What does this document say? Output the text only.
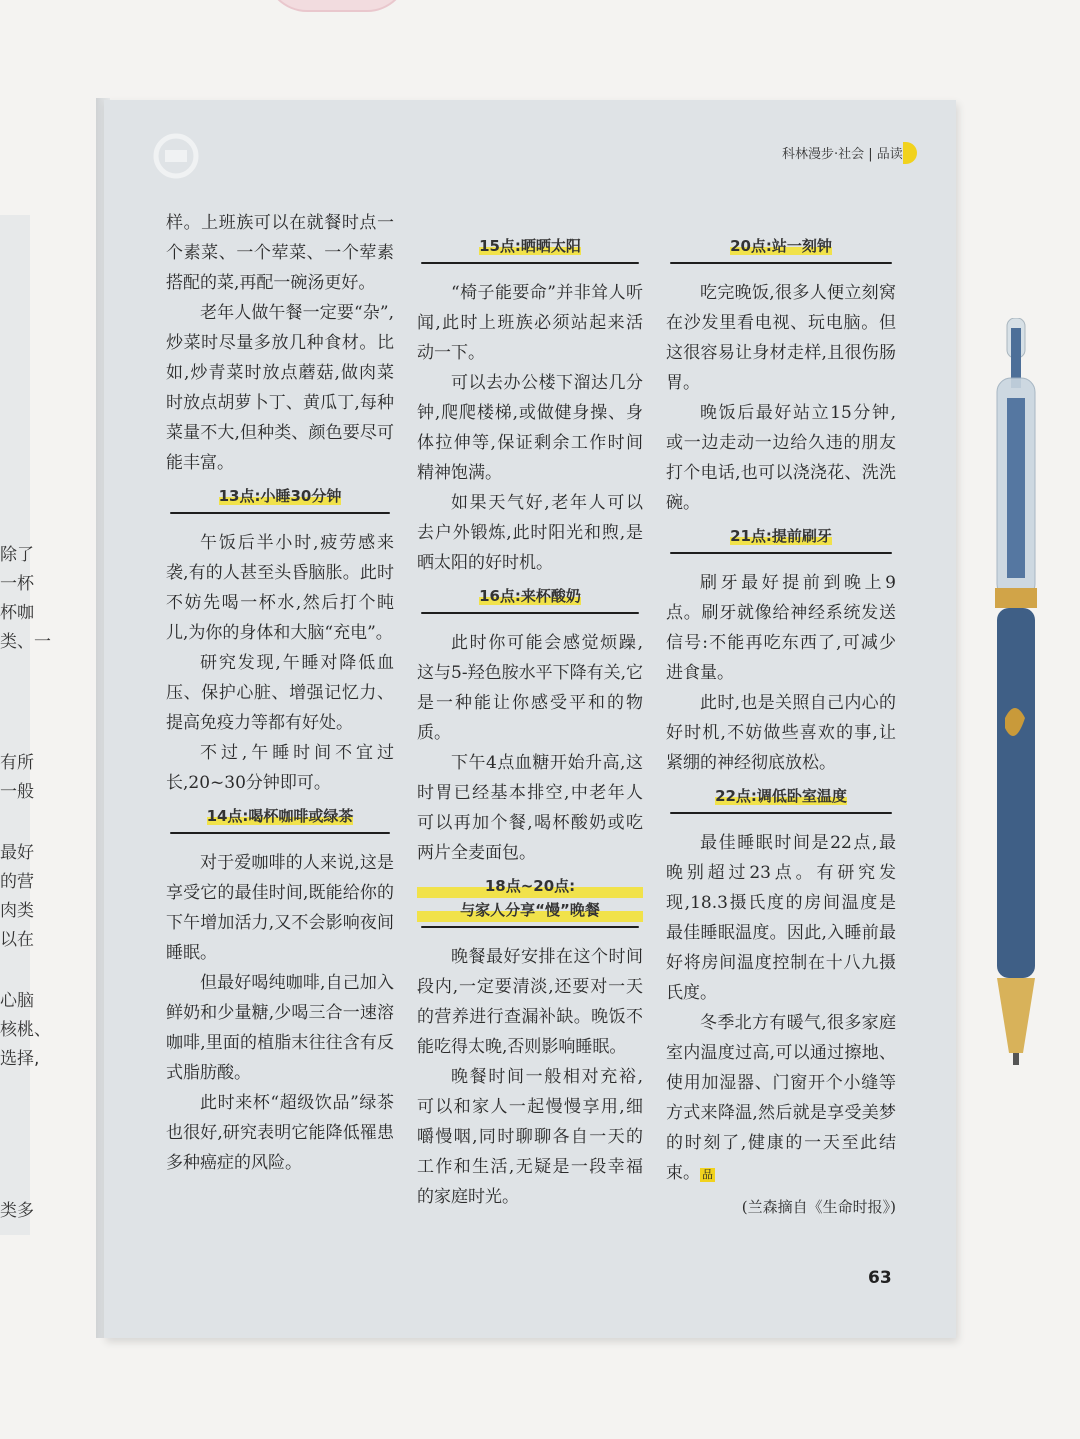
除了
一杯
杯咖
类、一
有所
一般
最好
的营
肉类
以在
心脑
核桃、
选择,
类多
科林漫步·社会 | 品读

样。上班族可以在就餐时点一个素菜、一个荤菜、一个荤素搭配的菜,再配一碗汤更好。

老年人做午餐一定要“杂”,炒菜时尽量多放几种食材。比如,炒青菜时放点蘑菇,做肉菜时放点胡萝卜丁、黄瓜丁,每种菜量不大,但种类、颜色要尽可能丰富。

13点:小睡30分钟

午饭后半小时,疲劳感来袭,有的人甚至头昏脑胀。此时不妨先喝一杯水,然后打个盹儿,为你的身体和大脑“充电”。

研究发现,午睡对降低血压、保护心脏、增强记忆力、提高免疫力等都有好处。

不过,午睡时间不宜过长,20~30分钟即可。

14点:喝杯咖啡或绿茶

对于爱咖啡的人来说,这是享受它的最佳时间,既能给你的下午增加活力,又不会影响夜间睡眠。

但最好喝纯咖啡,自己加入鲜奶和少量糖,少喝三合一速溶咖啡,里面的植脂末往往含有反式脂肪酸。

此时来杯“超级饮品”绿茶也很好,研究表明它能降低罹患多种癌症的风险。

15点:晒晒太阳

“椅子能要命”并非耸人听闻,此时上班族必须站起来活动一下。

可以去办公楼下溜达几分钟,爬爬楼梯,或做健身操、身体拉伸等,保证剩余工作时间精神饱满。

如果天气好,老年人可以去户外锻炼,此时阳光和煦,是晒太阳的好时机。

16点:来杯酸奶

此时你可能会感觉烦躁,这与5-羟色胺水平下降有关,它是一种能让你感受平和的物质。

下午4点血糖开始升高,这时胃已经基本排空,中老年人可以再加个餐,喝杯酸奶或吃两片全麦面包。

18点~20点:
与家人分享“慢”晚餐

晚餐最好安排在这个时间段内,一定要清淡,还要对一天的营养进行查漏补缺。晚饭不能吃得太晚,否则影响睡眠。

晚餐时间一般相对充裕,可以和家人一起慢慢享用,细嚼慢咽,同时聊聊各自一天的工作和生活,无疑是一段幸福的家庭时光。

20点:站一刻钟

吃完晚饭,很多人便立刻窝在沙发里看电视、玩电脑。但这很容易让身材走样,且很伤肠胃。

晚饭后最好站立15分钟,或一边走动一边给久违的朋友打个电话,也可以浇浇花、洗洗碗。

21点:提前刷牙

刷牙最好提前到晚上9点。刷牙就像给神经系统发送信号:不能再吃东西了,可减少进食量。

此时,也是关照自己内心的好时机,不妨做些喜欢的事,让紧绷的神经彻底放松。

22点:调低卧室温度

最佳睡眠时间是22点,最晚别超过23点。有研究发现,18.3摄氏度的房间温度是最佳睡眠温度。因此,入睡前最好将房间温度控制在十八九摄氏度。

冬季北方有暖气,很多家庭室内温度过高,可以通过擦地、使用加湿器、门窗开个小缝等方式来降温,然后就是享受美梦的时刻了,健康的一天至此结束。 品

(兰森摘自《生命时报》)
63
